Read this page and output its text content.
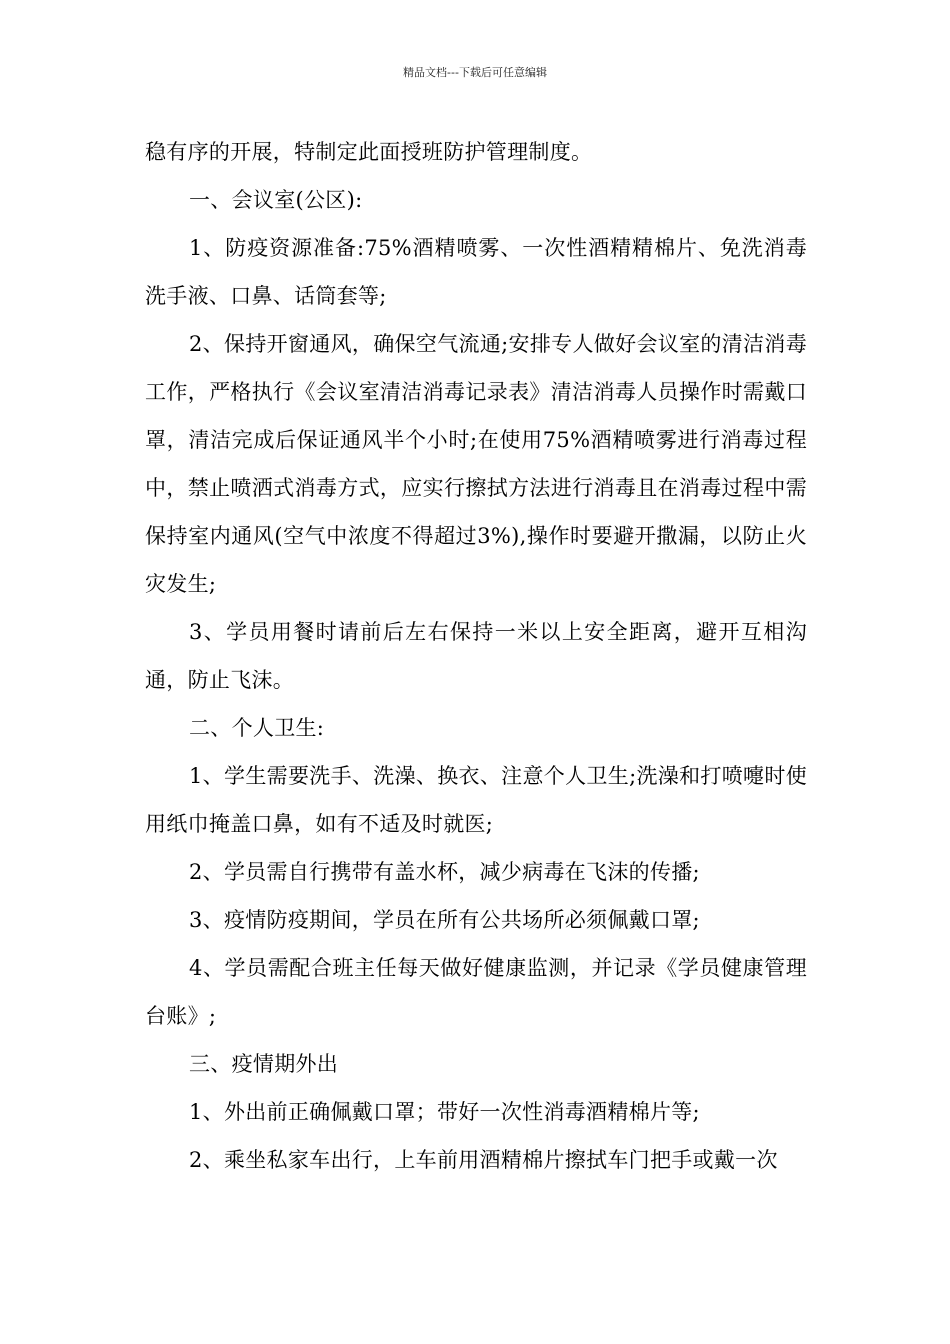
精品文档---下载后可任意编辑

稳有序的开展，特制定此面授班防护管理制度。

一、会议室(公区):

1、防疫资源准备:75%酒精喷雾、一次性酒精精棉片、免洗消毒洗手液、口鼻、话筒套等;

2、保持开窗通风，确保空气流通;安排专人做好会议室的清洁消毒工作，严格执行《会议室清洁消毒记录表》清洁消毒人员操作时需戴口罩，清洁完成后保证通风半个小时;在使用75%酒精喷雾进行消毒过程中，禁止喷洒式消毒方式，应实行擦拭方法进行消毒且在消毒过程中需保持室内通风(空气中浓度不得超过3%),操作时要避开撒漏，以防止火灾发生;

3、学员用餐时请前后左右保持一米以上安全距离，避开互相沟通，防止飞沫。

二、个人卫生:

1、学生需要洗手、洗澡、换衣、注意个人卫生;洗澡和打喷嚏时使用纸巾掩盖口鼻，如有不适及时就医;

2、学员需自行携带有盖水杯，减少病毒在飞沫的传播;

3、疫情防疫期间，学员在所有公共场所必须佩戴口罩;

4、学员需配合班主任每天做好健康监测，并记录《学员健康管理台账》;

三、疫情期外出

1、外出前正确佩戴口罩；带好一次性消毒酒精棉片等;

2、乘坐私家车出行，上车前用酒精棉片擦拭车门把手或戴一次
